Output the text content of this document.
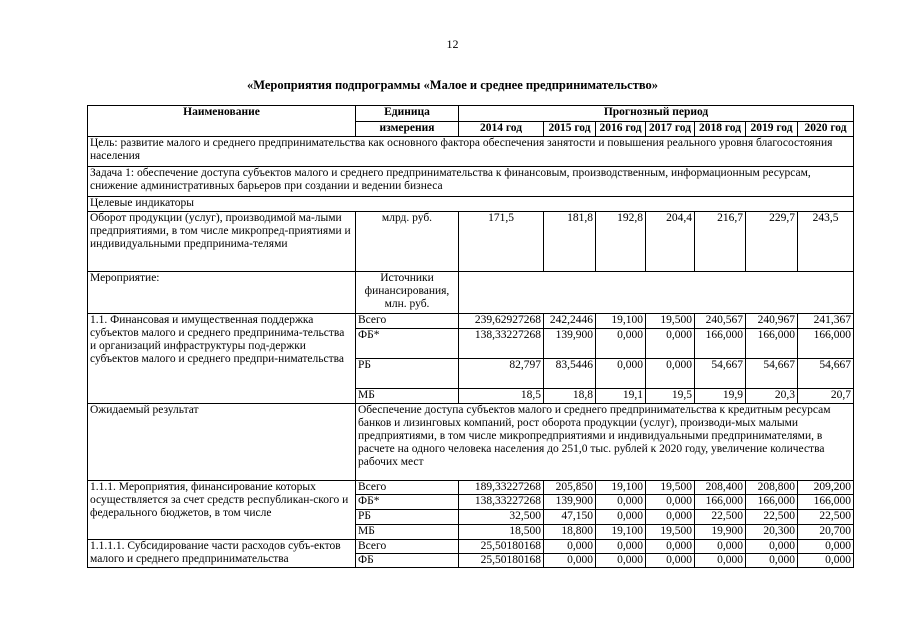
12
«Мероприятия подпрограммы «Малое и среднее предпринимательство»
Наименование	Единица	Прогнозный период						
	измерения	2014 год	2015 год	2016 год	2017 год	2018 год	2019 год	2020 год
Цель: развитие малого и среднего предпринимательства как основного фактора обеспечения занятости и повышения реального уровня благосостояния населения								
Задача 1: обеспечение доступа субъектов малого и среднего предпринимательства к финансовым, производственным, информационным ресурсам, снижение административных барьеров при создании и ведении бизнеса								
Целевые индикаторы								
Оборот продукции (услуг), производимой ма-лыми предприятиями, в том числе микропред-приятиями и индивидуальными предпринима-телями	млрд. руб.	171,5	181,8	192,8	204,4	216,7	229,7	243,5
Мероприятие:	Источники финансирования, млн. руб.							
1.1. Финансовая и имущественная поддержка субъектов малого и среднего предпринима-тельства и организаций инфраструктуры под-держки субъектов малого и среднего предпри-нимательства	Всего	239,62927268	242,2446	19,100	19,500	240,567	240,967	241,367
	ФБ*	138,33227268	139,900	0,000	0,000	166,000	166,000	166,000
	РБ	82,797	83,5446	0,000	0,000	54,667	54,667	54,667
	МБ	18,5	18,8	19,1	19,5	19,9	20,3	20,7
Ожидаемый результат	Обеспечение доступа субъектов малого и среднего предпринимательства к кредитным ресурсам банков и лизинговых компаний, рост оборота продукции (услуг), производи-мых малыми предприятиями, в том числе микропредприятиями и индивидуальными предпринимателями, в расчете на одного человека населения до 251,0 тыс. рублей к 2020 году, увеличение количества рабочих мест							
1.1.1. Мероприятия, финансирование которых осуществляется за счет средств республикан-ского и федерального бюджетов, в том числе	Всего	189,33227268	205,850	19,100	19,500	208,400	208,800	209,200
	ФБ*	138,33227268	139,900	0,000	0,000	166,000	166,000	166,000
	РБ	32,500	47,150	0,000	0,000	22,500	22,500	22,500
	МБ	18,500	18,800	19,100	19,500	19,900	20,300	20,700
1.1.1.1. Субсидирование части расходов субъ-ектов малого и среднего предпринимательства	Всего	25,50180168	0,000	0,000	0,000	0,000	0,000	0,000
	ФБ	25,50180168	0,000	0,000	0,000	0,000	0,000	0,000
